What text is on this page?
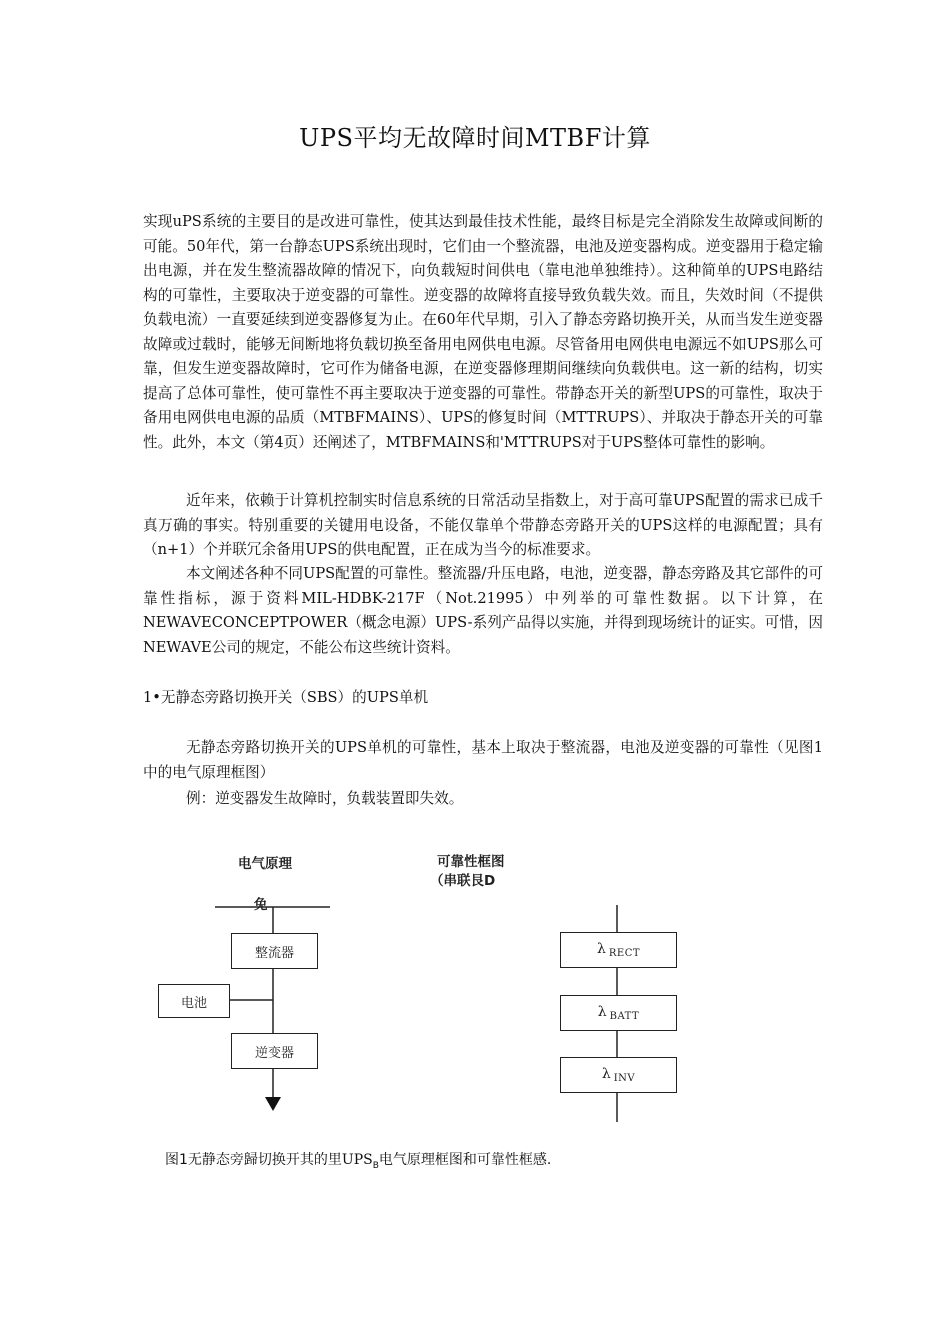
UPS平均无故障时间MTBF计算

实现uPS系统的主要目的是改进可靠性，使其达到最佳技术性能，最终目标是完全消除发生故障或间断的可能。50年代，第一台静态UPS系统出现时，它们由一个整流器，电池及逆变器构成。逆变器用于稳定输出电源，并在发生整流器故障的情况下，向负载短时间供电（靠电池单独维持）。这种简单的UPS电路结构的可靠性，主要取决于逆变器的可靠性。逆变器的故障将直接导致负载失效。而且，失效时间（不提供负载电流）一直要延续到逆变器修复为止。在60年代早期，引入了静态旁路切换开关，从而当发生逆变器故障或过载时，能够无间断地将负载切换至备用电网供电电源。尽管备用电网供电电源远不如UPS那么可靠，但发生逆变器故障时，它可作为储备电源，在逆变器修理期间继续向负载供电。这一新的结构，切实提高了总体可靠性，使可靠性不再主要取决于逆变器的可靠性。带静态开关的新型UPS的可靠性，取决于备用电网供电电源的品质（MTBFMAINS）、UPS的修复时间（MTTRUPS）、并取决于静态开关的可靠性。此外，本文（第4页）还阐述了，MTBFMAINS和'MTTRUPS对于UPS整体可靠性的影响。

近年来，依赖于计算机控制实时信息系统的日常活动呈指数上，对于高可靠UPS配置的需求已成千真万确的事实。特别重要的关键用电设备，不能仅靠单个带静态旁路开关的UPS这样的电源配置；具有（n+1）个并联冗余备用UPS的供电配置，正在成为当今的标准要求。

本文阐述各种不同UPS配置的可靠性。整流器/升压电路，电池，逆变器，静态旁路及其它部件的可靠性指标，源于资料MIL-HDBK-217F（Not.21995）中列举的可靠性数据。以下计算，在NEWAVECONCEPTPOWER（概念电源）UPS-系列产品得以实施，并得到现场统计的证实。可惜，因NEWAVE公司的规定，不能公布这些统计资料。

1•无静态旁路切换开关（SBS）的UPS单机

无静态旁路切换开关的UPS单机的可靠性，基本上取决于整流器，电池及逆变器的可靠性（见图1中的电气原理框图）

例：逆变器发生故障时，负载装置即失效。

电气原理
免
可靠性框图
（串联艮D
整流器
电池
逆变器
λ $_{RECT}$
λ $_{BATT}$
λ $_{INV}$
图1无静态旁歸切换开其的里$UPS_B$电气原理框图和可靠性框感.
